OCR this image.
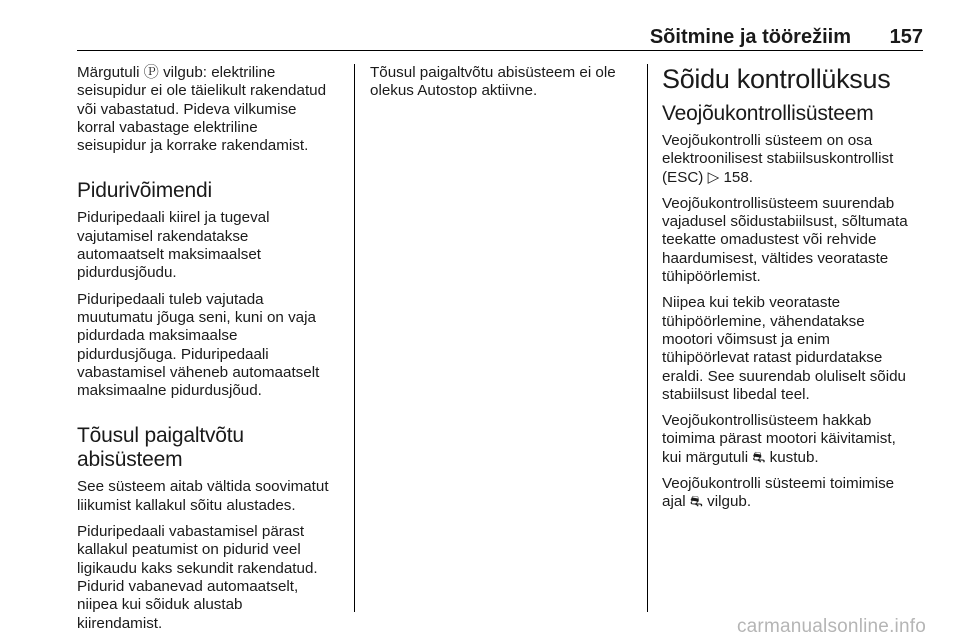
Sõitmine ja töörežiim 157

Märgutuli Ⓟ vilgub: elektriline
seisupidur ei ole täielikult rakendatud
või vabastatud. Pideva vilkumise
korral vabastage elektriline
seisupidur ja korrake rakendamist.

Pidurivõimendi

Piduripedaali kiirel ja tugeval
vajutamisel rakendatakse
automaatselt maksimaalset
pidurdusjõudu.

Piduripedaali tuleb vajutada
muutumatu jõuga seni, kuni on vaja
pidurdada maksimaalse
pidurdusjõuga. Piduripedaali
vabastamisel väheneb automaatselt
maksimaalne pidurdusjõud.

Tõusul paigaltvõtu
abisüsteem

See süsteem aitab vältida soovimatut
liikumist kallakul sõitu alustades.

Piduripedaali vabastamisel pärast
kallakul peatumist on pidurid veel
ligikaudu kaks sekundit rakendatud.
Pidurid vabanevad automaatselt,
niipea kui sõiduk alustab
kiirendamist.

Tõusul paigaltvõtu abisüsteem ei ole
olekus Autostop aktiivne.	Sõidu kontrollüksus
Veojõukontrollisüsteem

Veojõukontrolli süsteem on osa
elektroonilisest stabiilsuskontrollist
(ESC) ▷ 158.

Veojõukontrollisüsteem suurendab
vajadusel sõidustabiilsust, sõltumata
teekatte omadustest või rehvide
haardumisest, vältides veorataste
tühipöörlemist.

Niipea kui tekib veorataste
tühipöörlemine, vähendatakse
mootori võimsust ja enim
tühipöörlevat ratast pidurdatakse
eraldi. See suurendab oluliselt sõidu
stabiilsust libedal teel.

Veojõukontrollisüsteem hakkab
toimima pärast mootori käivitamist,
kui märgutuli ⛐ kustub.

Veojõukontrolli süsteemi toimimise
ajal ⛐ vilgub.

carmanualsonline.info
